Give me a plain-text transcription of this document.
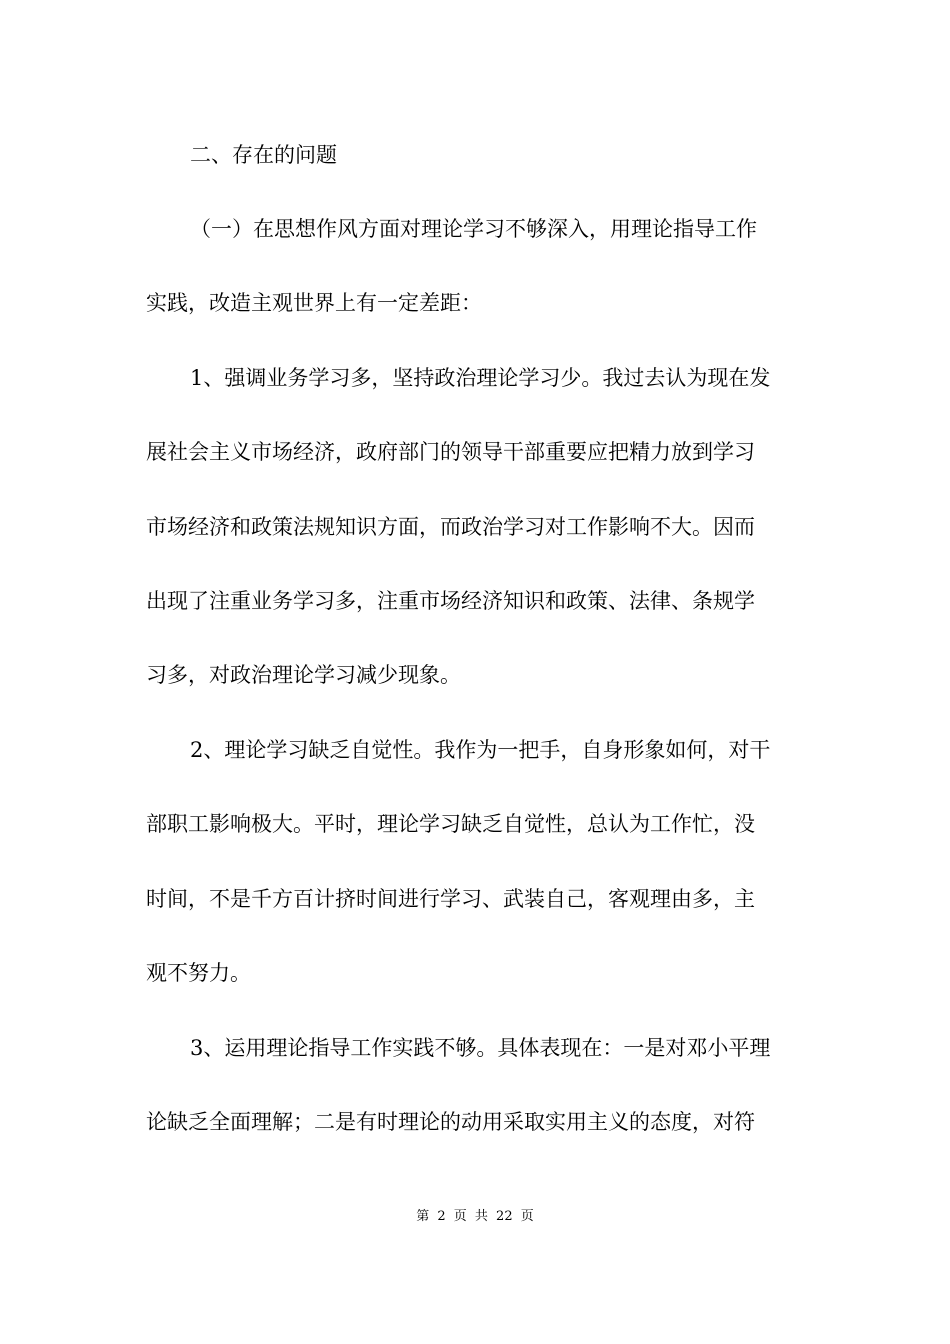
二、存在的问题
（一）在思想作风方面对理论学习不够深入，用理论指导工作
实践，改造主观世界上有一定差距：
1、强调业务学习多，坚持政治理论学习少。我过去认为现在发
展社会主义市场经济，政府部门的领导干部重要应把精力放到学习
市场经济和政策法规知识方面，而政治学习对工作影响不大。因而
出现了注重业务学习多，注重市场经济知识和政策、法律、条规学
习多，对政治理论学习减少现象。
2、理论学习缺乏自觉性。我作为一把手，自身形象如何，对干
部职工影响极大。平时，理论学习缺乏自觉性，总认为工作忙，没
时间，不是千方百计挤时间进行学习、武装自己，客观理由多，主
观不努力。
3、运用理论指导工作实践不够。具体表现在：一是对邓小平理
论缺乏全面理解；二是有时理论的动用采取实用主义的态度，对符
第 2 页 共 22 页
